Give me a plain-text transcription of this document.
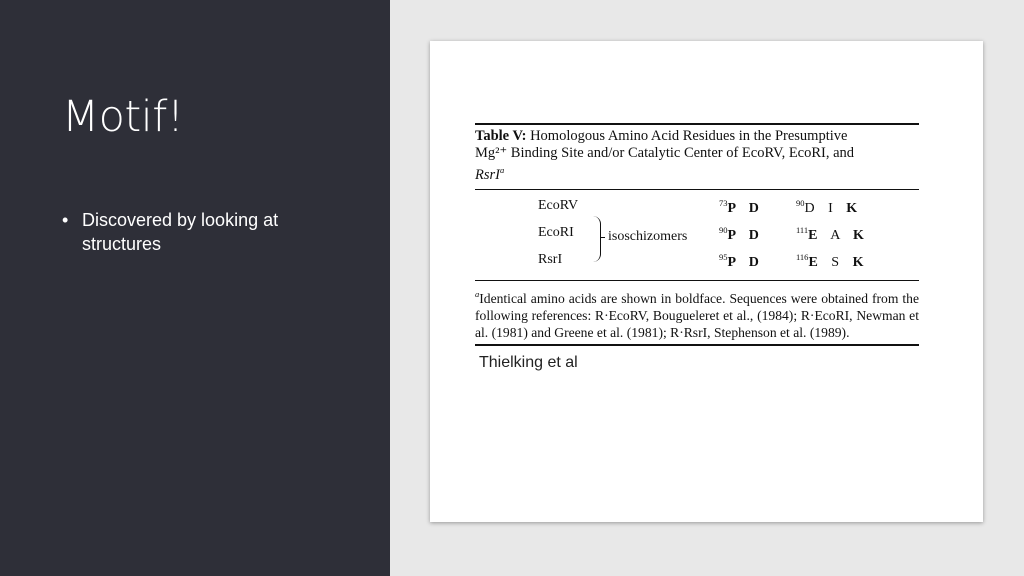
Motif!
• Discovered by looking at structures
Table V: Homologous Amino Acid Residues in the Presumptive
Mg²⁺ Binding Site and/or Catalytic Center of EcoRV, EcoRI, and
RsrI$^a$
EcoRV	$^{73}$P D	$^{90}$D I K
EcoRI	$^{90}$P D	$^{111}$E A K
RsrI	$^{95}$P D	$^{116}$E S K
isoschizomers
$^a$Identical amino acids are shown in boldface. Sequences were obtained from the following references: R·EcoRV, Bougueleret et al., (1984); R·EcoRI, Newman et al. (1981) and Greene et al. (1981); R·RsrI, Stephenson et al. (1989).
Thielking et al
